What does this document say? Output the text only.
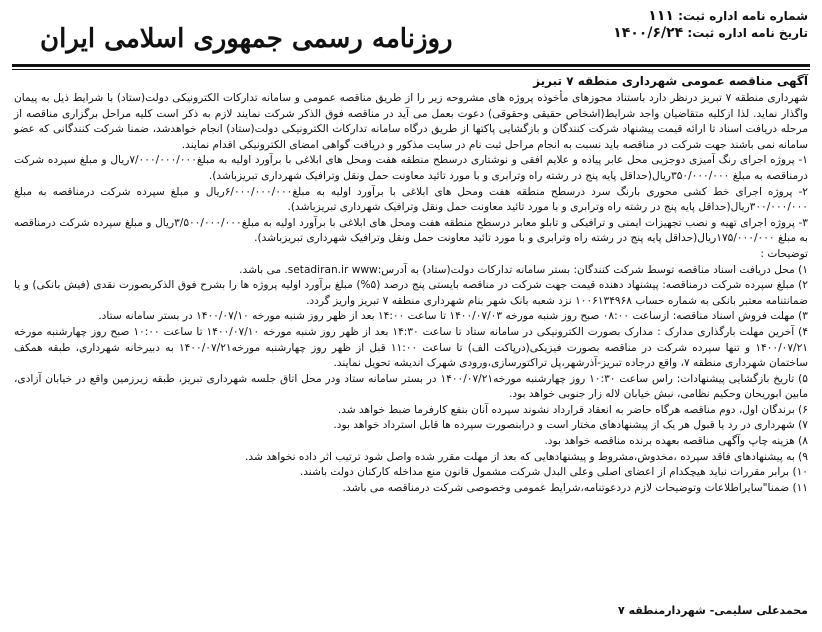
شماره نامه اداره ثبت: ۱۱۱
تاریخ نامه اداره ثبت: ۱۴۰۰/۶/۲۴
روزنامه رسمی جمهوری اسلامی ایران
آگهی مناقصه عمومی شهرداری منطقه ۷ تبریز

شهرداری منطقه ۷ تبریز درنظر دارد باستناد مجوزهای مأخوذه پروژه های مشروحه زیر را از طریق مناقصه عمومی و سامانه تدارکات الکترونیکی دولت(ستاد) با شرایط ذیل به پیمان واگذار نماید. لذا ازکلیه متقاضیان واجد شرایط(اشخاص حقیقی وحقوقی) دعوت بعمل می آید در مناقصه فوق الذکر شرکت نمایند لازم به ذکر است کلیه مراحل برگزاری مناقصه از مرحله دریافت اسناد تا ارائه قیمت پیشنهاد شرکت کنندگان و بازگشایی پاکتها از طریق درگاه سامانه تدارکات الکترونیکی دولت(ستاد) انجام خواهدشد، ضمنا شرکت کنندگانی که عضو سامانه نمی باشند جهت شرکت در مناقصه باید نسبت به انجام مراحل ثبت نام در سایت مذکور و دریافت گواهی امضای الکترونیکی اقدام نمایند.

۱- پروژه اجرای رنگ آمیزی دوجزیی محل عابر پیاده و علایم افقی و نوشتاری درسطح منطقه هفت ومحل های ابلاغی با برآورد اولیه به مبلغ۷/۰۰۰/۰۰۰/۰۰۰ریال و مبلغ سپرده شرکت درمناقصه به مبلغ ۳۵۰/۰۰۰/۰۰۰ریال(حداقل پایه پنج در رشته راه وترابری و با مورد تائید معاونت حمل ونقل وترافیک شهرداری تبریزباشد).

۲- پروژه اجرای خط کشی محوری بارنگ سرد درسطح منطقه هفت ومحل های ابلاغی با برآورد اولیه به مبلغ۶/۰۰۰/۰۰۰/۰۰۰ریال و مبلغ سپرده شرکت درمناقصه به مبلغ ۳۰۰/۰۰۰/۰۰۰ریال(حداقل پایه پنج در رشته راه وترابری و با مورد تائید معاونت حمل ونقل وترافیک شهرداری تبریزباشد).

۳- پروژه اجرای تهیه و نصب تجهیزات ایمنی و ترافیکی و تابلو معابر درسطح منطقه هفت ومحل های ابلاغی با برآورد اولیه به مبلغ۳/۵۰۰/۰۰۰/۰۰۰ریال و مبلغ سپرده شرکت درمناقصه به مبلغ ۱۷۵/۰۰۰/۰۰۰ریال(حداقل پایه پنج در رشته راه وترابری و با مورد تائید معاونت حمل ونقل وترافیک شهرداری تبریزباشد).

توضیحات :

۱) محل دریافت اسناد مناقصه توسط شرکت کنندگان: بستر سامانه تدارکات دولت(ستاد) به آدرس:setadiran.ir www. می باشد.

۲) مبلغ سپرده شرکت درمناقصه: پیشنهاد دهنده قیمت جهت شرکت در مناقصه بایستی پنج درصد (۵%) مبلغ برآورد اولیه پروژه ها را بشرح فوق الذکربصورت نقدی (فیش بانکی) و یا ضمانتنامه معتبر بانکی به شماره حساب ۱۰۰۶۱۳۴۹۶۸ نزد شعبه بانک شهر بنام شهرداری منطقه ۷ تبریز واریز گردد.

۳) مهلت فروش اسناد مناقصه: ازساعت ۰۸:۰۰ صبح روز شنبه مورخه ۱۴۰۰/۰۷/۰۳ تا ساعت ۱۴:۰۰ بعد از ظهر روز شنبه مورخه ۱۴۰۰/۰۷/۱۰ در بستر سامانه ستاد.

۴) آخرین مهلت بارگذاری مدارک : مدارک بصورت الکترونیکی در سامانه ستاد تا ساعت ۱۴:۳۰ بعد از ظهر روز شنبه مورخه ۱۴۰۰/۰۷/۱۰ تا ساعت ۱۰:۰۰ صبح روز چهارشنبه مورخه ۱۴۰۰/۰۷/۲۱ و تنها سپرده شرکت در مناقصه بصورت فیزیکی(درپاکت الف) تا ساعت ۱۱:۰۰ قبل از ظهر روز چهارشنبه مورخه۱۴۰۰/۰۷/۲۱ به دبیرخانه شهرداری، طبقه همکف ساختمان شهرداری منطقه ۷، واقع درجاده تبریز-آذرشهر،پل تراکتورسازی،ورودی شهرک اندیشه تحویل نمایند.

۵) تاریخ بازگشایی پیشنهادات: راس ساعت ۱۰:۳۰ روز چهارشنبه مورخه۱۴۰۰/۰۷/۲۱ در بستر سامانه ستاد ودر محل اتاق جلسه شهرداری تبریز، طبقه زیرزمین واقع در خیابان آزادی، مابین ابوریحان وحکیم نظامی، نبش خیابان لاله زار جنوبی خواهد بود.

۶) برندگان اول، دوم مناقصه هرگاه حاضر به انعقاد قرارداد نشوند سپرده آنان بنفع کارفرما ضبط خواهد شد.

۷) شهرداری در رد یا قبول هر یک از پیشنهادهای مختار است و درابنصورت سپرده ها قابل استرداد خواهد بود.

۸) هزینه چاپ وآگهی مناقصه بعهده برنده مناقصه خواهد بود.

۹) به پیشنهادهای فاقد سپرده ،مخدوش،مشروط و پیشنهادهایی که بعد از مهلت مقرر شده واصل شود ترتیب اثر داده نخواهد شد.

۱۰) برابر مقررات نباید هیچکدام از اعضای اصلی وعلی البدل شرکت مشمول قانون منع مداخله کارکنان دولت باشند.

۱۱) ضمنا"سایراطلاعات وتوضیحات لازم دردعوتنامه،شرایط عمومی وخصوصی شرکت درمناقصه می باشد.

محمدعلی سلیمی- شهردارمنطقه ۷
